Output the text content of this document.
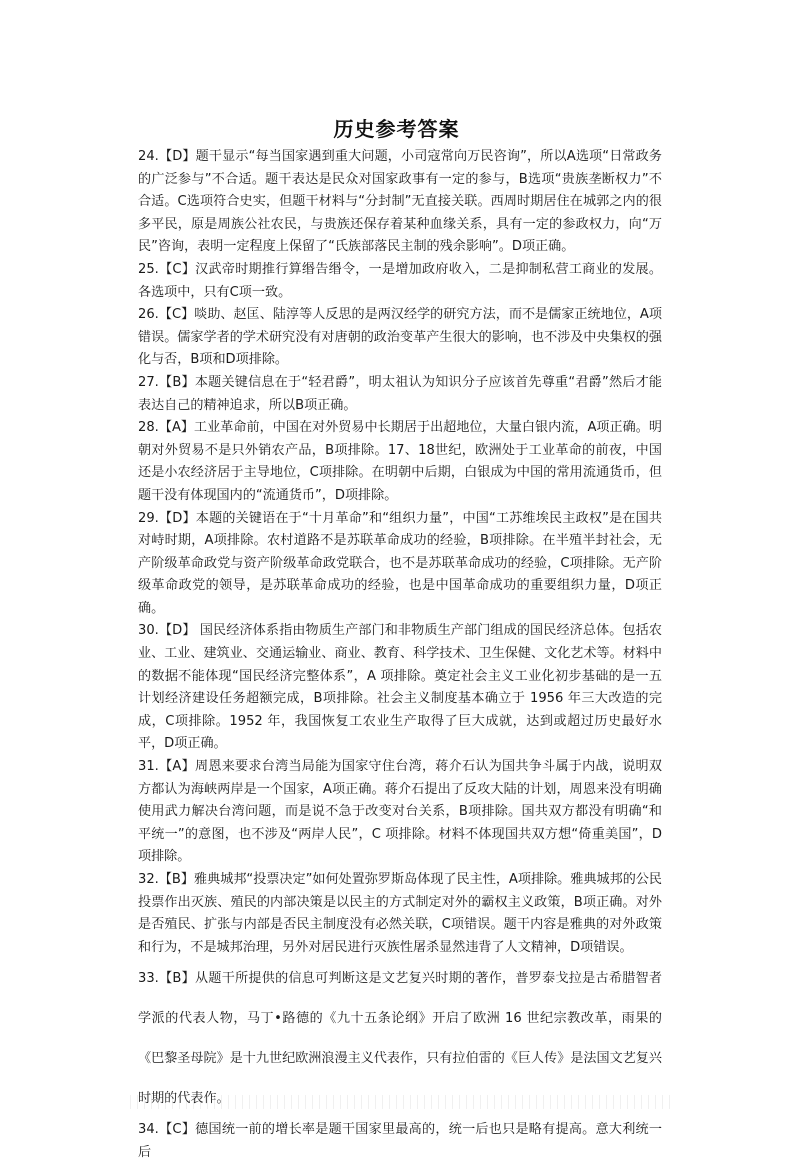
历史参考答案

24.【D】题干显示“每当国家遇到重大问题，小司寇常向万民咨询”，所以A选项“日常政务的广泛参与”不合适。题干表达是民众对国家政事有一定的参与，B选项“贵族垄断权力”不合适。C选项符合史实，但题干材料与“分封制”无直接关联。西周时期居住在城郭之内的很多平民，原是周族公社农民，与贵族还保存着某种血缘关系，具有一定的参政权力，向“万民”咨询，表明一定程度上保留了“氏族部落民主制的残余影响”。D项正确。

25.【C】汉武帝时期推行算缗告缗令，一是增加政府收入，二是抑制私营工商业的发展。各选项中，只有C项一致。

26.【C】啖助、赵匡、陆淳等人反思的是两汉经学的研究方法，而不是儒家正统地位，A项错误。儒家学者的学术研究没有对唐朝的政治变革产生很大的影响，也不涉及中央集权的强化与否，B项和D项排除。

27.【B】本题关键信息在于“轻君爵”，明太祖认为知识分子应该首先尊重“君爵”然后才能表达自己的精神追求，所以B项正确。

28.【A】工业革命前，中国在对外贸易中长期居于出超地位，大量白银内流，A项正确。明朝对外贸易不是只外销农产品，B项排除。17、18世纪，欧洲处于工业革命的前夜，中国还是小农经济居于主导地位，C项排除。在明朝中后期，白银成为中国的常用流通货币，但题干没有体现国内的“流通货币”，D项排除。

29.【D】本题的关键语在于“十月革命”和“组织力量”，中国“工苏维埃民主政权”是在国共对峙时期，A项排除。农村道路不是苏联革命成功的经验，B项排除。在半殖半封社会，无产阶级革命政党与资产阶级革命政党联合，也不是苏联革命成功的经验，C项排除。无产阶级革命政党的领导，是苏联革命成功的经验，也是中国革命成功的重要组织力量，D项正确。

30.【D】 国民经济体系指由物质生产部门和非物质生产部门组成的国民经济总体。包括农业、工业、建筑业、交通运输业、商业、教育、科学技术、卫生保健、文化艺术等。材料中的数据不能体现“国民经济完整体系”，A 项排除。奠定社会主义工业化初步基础的是一五计划经济建设任务超额完成，B项排除。社会主义制度基本确立于 1956 年三大改造的完成，C项排除。1952 年，我国恢复工农业生产取得了巨大成就，达到或超过历史最好水平，D项正确。

31.【A】周恩来要求台湾当局能为国家守住台湾，蒋介石认为国共争斗属于内战，说明双方都认为海峡两岸是一个国家，A项正确。蒋介石提出了反攻大陆的计划，周恩来没有明确使用武力解决台湾问题，而是说不急于改变对台关系，B项排除。国共双方都没有明确“和平统一”的意图，也不涉及“两岸人民”，C 项排除。材料不体现国共双方想“倚重美国”，D项排除。

32.【B】雅典城邦“投票决定”如何处置弥罗斯岛体现了民主性，A项排除。雅典城邦的公民投票作出灭族、殖民的内部决策是以民主的方式制定对外的霸权主义政策，B项正确。对外是否殖民、扩张与内部是否民主制度没有必然关联，C项错误。题干内容是雅典的对外政策和行为，不是城邦治理，另外对居民进行灭族性屠杀显然违背了人文精神，D项错误。

33.【B】从题干所提供的信息可判断这是文艺复兴时期的著作，普罗泰戈拉是古希腊智者学派的代表人物，马丁•路德的《九十五条论纲》开启了欧洲 16 世纪宗教改革，雨果的《巴黎圣母院》是十九世纪欧洲浪漫主义代表作，只有拉伯雷的《巨人传》是法国文艺复兴时期的代表作。

34.【C】德国统一前的增长率是题干国家里最高的，统一后也只是略有提高。意大利统一后
